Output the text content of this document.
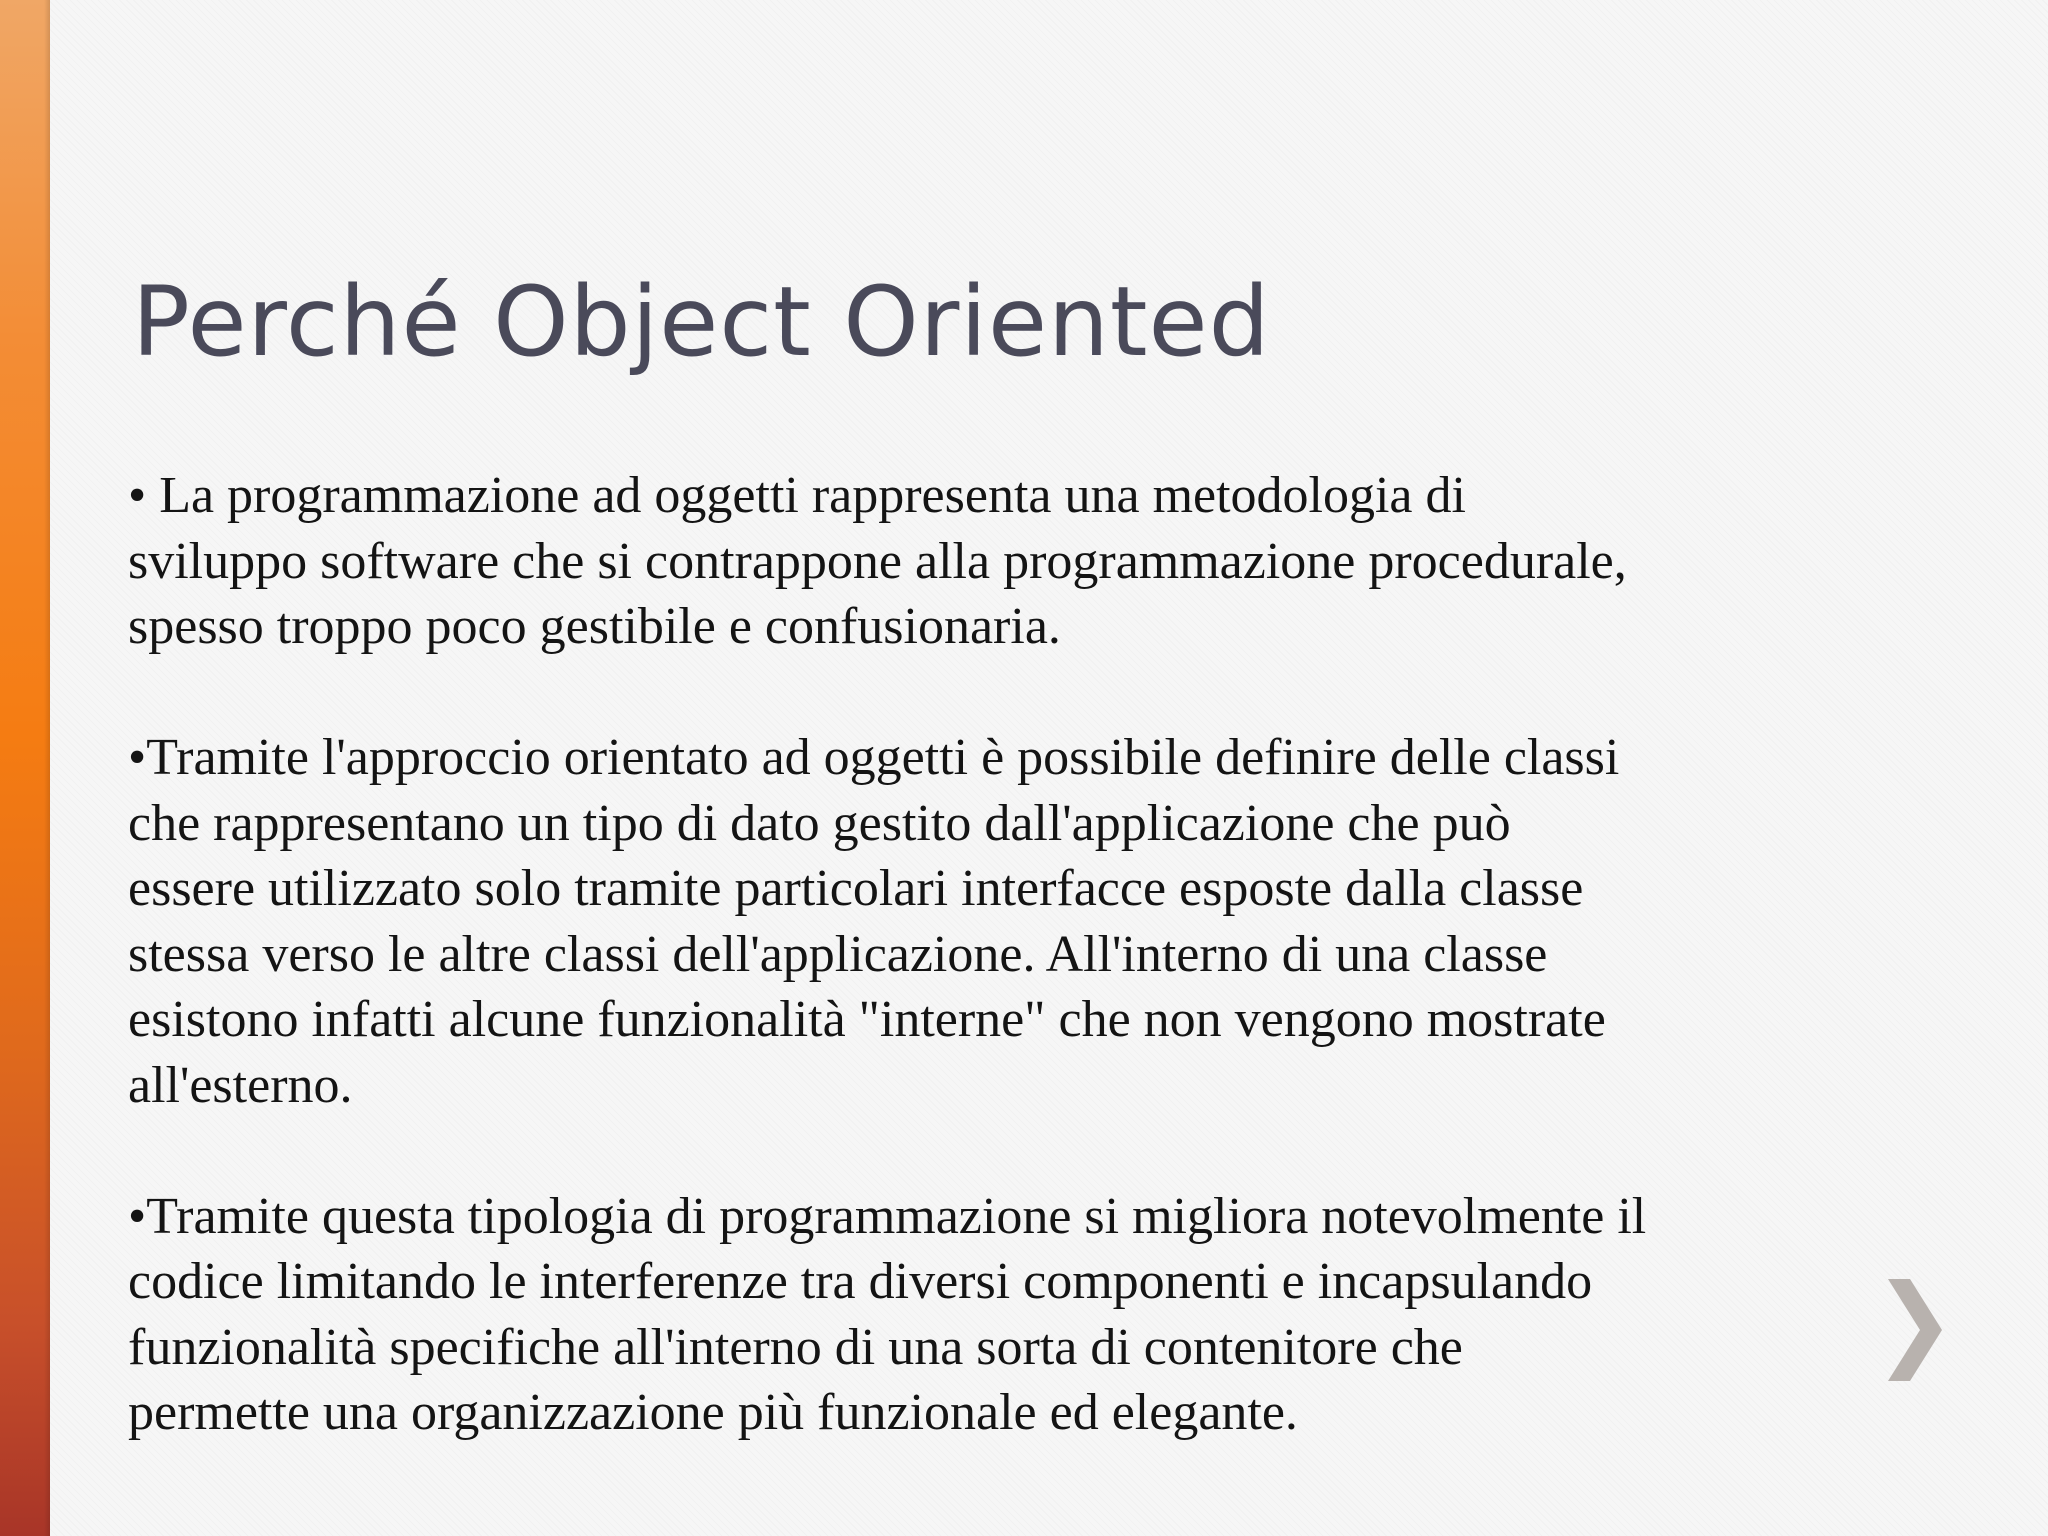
Perché Object Oriented

• La programmazione ad oggetti rappresenta una metodologia di
sviluppo software che si contrappone alla programmazione procedurale,
spesso troppo poco gestibile e confusionaria.

•Tramite l'approccio orientato ad oggetti è possibile definire delle classi
che rappresentano un tipo di dato gestito dall'applicazione che può
essere utilizzato solo tramite particolari interfacce esposte dalla classe
stessa verso le altre classi dell'applicazione. All'interno di una classe
esistono infatti alcune funzionalità "interne" che non vengono mostrate
all'esterno.

•Tramite questa tipologia di programmazione si migliora notevolmente il
codice limitando le interferenze tra diversi componenti e incapsulando
funzionalità specifiche all'interno di una sorta di contenitore che
permette una organizzazione più funzionale ed elegante.
